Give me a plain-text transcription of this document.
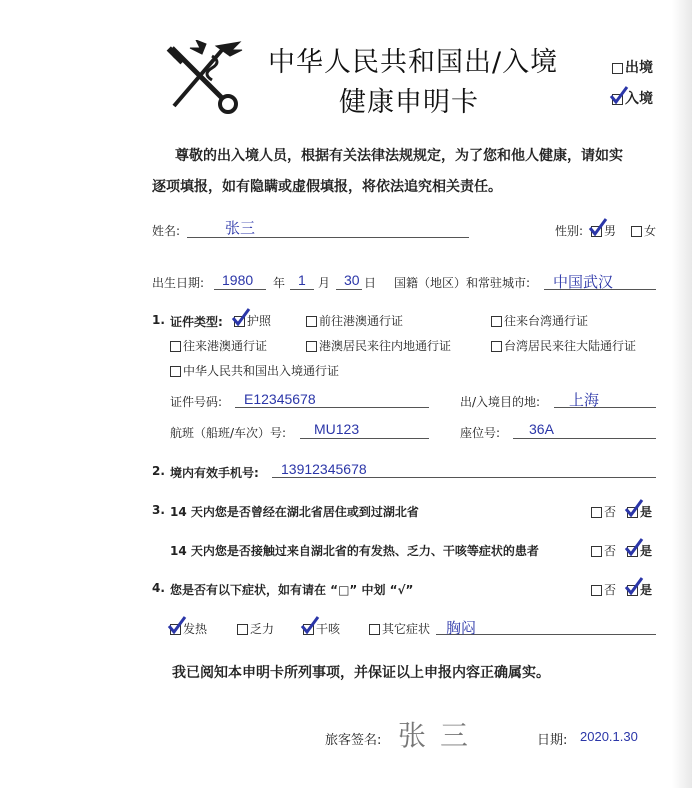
中华人民共和国出/入境
健康申明卡
出境
入境
尊敬的出入境人员，根据有关法律法规规定，为了您和他人健康，请如实
逐项填报，如有隐瞒或虚假填报，将依法追究相关责任。
姓名:	张三	性别:	男	女
出生日期: 1980 年 1 月 30 日 国籍（地区）和常驻城市: 中国武汉
1. 证件类型:	护照	前往港澳通行证	往来台湾通行证
往来港澳通行证	港澳居民来往内地通行证	台湾居民来往大陆通行证
中华人民共和国出入境通行证
证件号码: E12345678	出/入境目的地: 上海
航班（船班/车次）号: MU123	座位号: 36A
2. 境内有效手机号: 13912345678
3. 14 天内您是否曾经在湖北省居住或到过湖北省	否	是
14 天内您是否接触过来自湖北省的有发热、乏力、干咳等症状的患者	否	是
4. 您是否有以下症状，如有请在 “□” 中划 “√”	否	是
发热	乏力	干咳	其它症状 胸闷
我已阅知本申明卡所列事项，并保证以上申报内容正确属实。
旅客签名: 张三	日期: 2020.1.30
